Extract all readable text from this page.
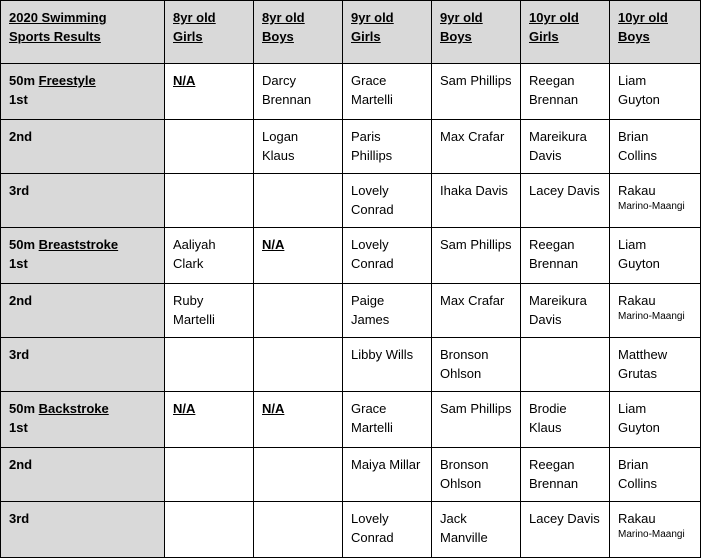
2020 Swimming
Sports Results	8yr old
Girls	8yr old
Boys	9yr old
Girls	9yr old
Boys	10yr old
Girls	10yr old
Boys

50m Freestyle
1st	N/A	Darcy
Brennan	Grace
Martelli	Sam Phillips	Reegan
Brennan	Liam
Guyton

2nd		Logan Klaus	Paris
Phillips	Max Crafar	Mareikura
Davis	Brian
Collins

3rd			Lovely
Conrad	Ihaka Davis	Lacey Davis	Rakau
Marino-Maangi

50m Breaststroke
1st	Aaliyah
Clark	N/A	Lovely
Conrad	Sam Phillips	Reegan
Brennan	Liam
Guyton

2nd	Ruby
Martelli		Paige
James	Max Crafar	Mareikura
Davis	Rakau
Marino-Maangi

3rd			Libby Wills	Bronson
Ohlson		Matthew
Grutas

50m Backstroke
1st	N/A	N/A	Grace
Martelli	Sam Phillips	Brodie
Klaus	Liam
Guyton

2nd			Maiya Millar	Bronson
Ohlson	Reegan
Brennan	Brian
Collins

3rd			Lovely
Conrad	Jack
Manville	Lacey Davis	Rakau
Marino-Maangi
